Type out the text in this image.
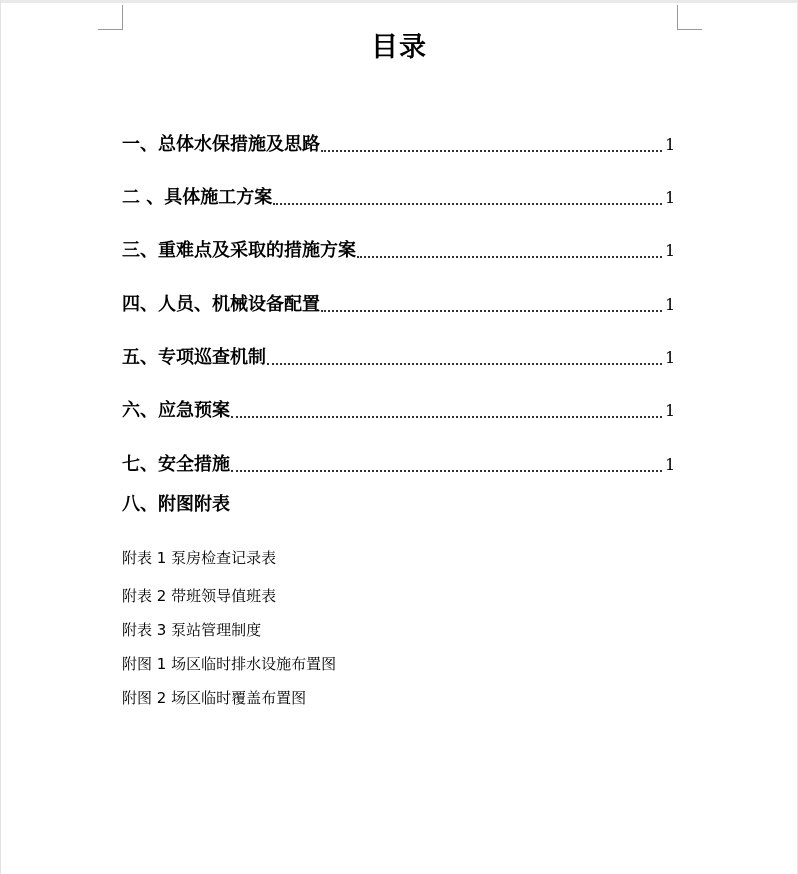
目录
一、总体水保措施及思路	1
二 、具体施工方案	1
三、重难点及采取的措施方案	1
四、人员、机械设备配置	1
五、专项巡查机制	1
六、应急预案	1
七、安全措施	1
八、附图附表
附表 1 泵房检查记录表
附表 2 带班领导值班表
附表 3 泵站管理制度
附图 1 场区临时排水设施布置图
附图 2 场区临时覆盖布置图
